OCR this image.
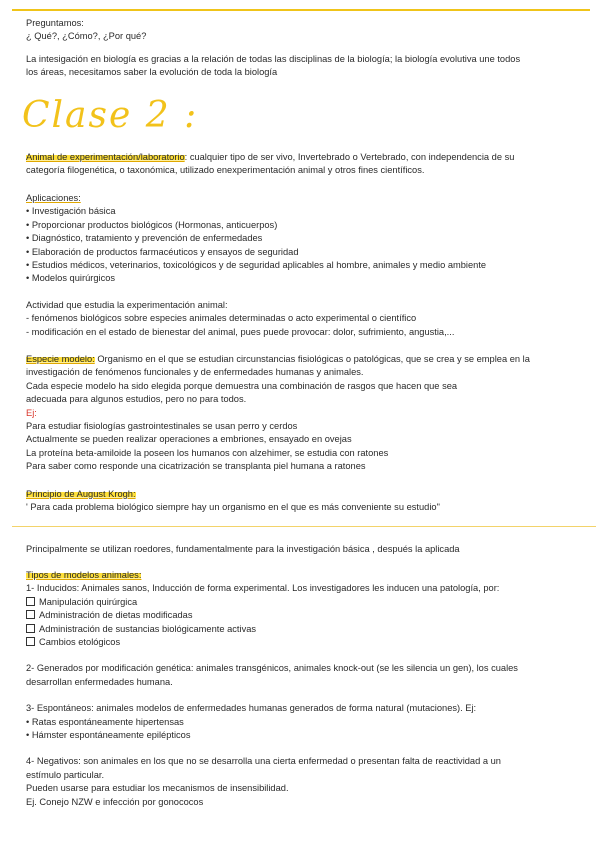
Preguntamos:

¿ Qué?, ¿Cómo?, ¿Por qué?

La intesigación en biología es gracias a la relación de todas las disciplinas de la biología; la biología evolutiva une todos

los áreas, necesitamos saber la evolución de toda la biología

Clase 2 :

Animal de experimentación/laboratorio: cualquier tipo de ser vivo, Invertebrado o Vertebrado, con independencia de su

categoría filogenética, o taxonómica, utilizado enexperimentación animal y otros fines científicos.

Aplicaciones:

• Investigación básica

• Proporcionar productos biológicos (Hormonas, anticuerpos)

• Diagnóstico, tratamiento y prevención de enfermedades

• Elaboración de productos farmacéuticos y ensayos de seguridad

• Estudios médicos, veterinarios, toxicológicos y de seguridad aplicables al hombre, animales y medio ambiente

• Modelos quirúrgicos

Actividad que estudia la experimentación animal:

- fenómenos biológicos sobre especies animales determinadas o acto experimental o científico

- modificación en el estado de bienestar del animal, pues puede provocar: dolor, sufrimiento, angustia,...

Especie modelo: Organismo en el que se estudian circunstancias fisiológicas o patológicas, que se crea y se emplea en la

investigación de fenómenos funcionales y de enfermedades humanas y animales.

Cada especie modelo ha sido elegida porque demuestra una combinación de rasgos que hacen que sea

adecuada para algunos estudios, pero no para todos.

Ej:

Para estudiar fisiologías gastrointestinales se usan perro y cerdos

Actualmente se pueden realizar operaciones a embriones, ensayado en ovejas

La proteína beta-amiloide la poseen los humanos con alzehimer, se estudia con ratones

Para saber como responde una cicatrización se transplanta piel humana a ratones

Principio de August Krogh:

' Para cada problema biológico siempre hay un organismo en el que es más conveniente su estudio"

Principalmente se utilizan roedores, fundamentalmente para la investigación básica , después la aplicada

Tipos de modelos animales:

1- Inducidos: Animales sanos, Inducción de forma experimental. Los investigadores les inducen una patología, por:

Manipulación quirúrgica

Administración de dietas modificadas

Administración de sustancias biológicamente activas

Cambios etológicos

2- Generados por modificación genética: animales transgénicos, animales knock-out (se les silencia un gen), los cuales

desarrollan enfermedades humana.

3- Espontáneos: animales modelos de enfermedades humanas generados de forma natural (mutaciones). Ej:

• Ratas espontáneamente hipertensas

• Hámster espontáneamente epilépticos

4- Negativos: son animales en los que no se desarrolla una cierta enfermedad o presentan falta de reactividad a un

estímulo particular.

Pueden usarse para estudiar los mecanismos de insensibilidad.

Ej. Conejo NZW e infección por gonococos
